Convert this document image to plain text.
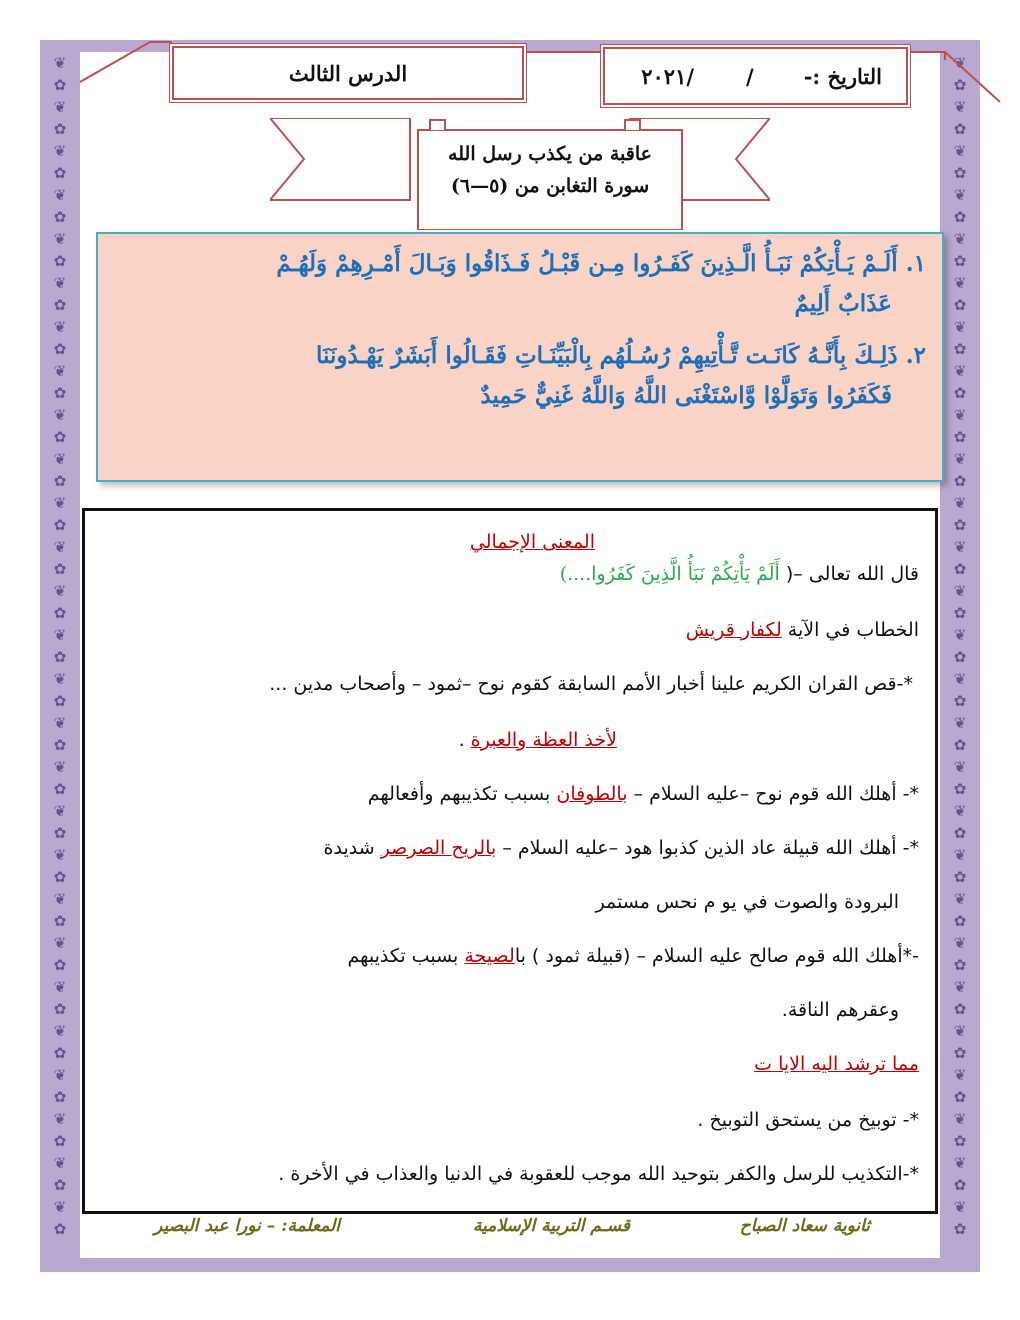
❦
✿
❦
✿
❦
✿
❦
✿
❦
✿
❦
✿
❦
✿
❦
✿
❦
✿
❦
✿
❦
✿
❦
✿
❦
✿
❦
✿
❦
✿
❦
✿
❦
✿
❦
✿
❦
✿
❦
✿
❦
✿
❦
✿
❦
✿
❦
✿
❦
✿
❦
✿
❦
✿
❦
✿
❦
✿
❦
✿
❦
✿
❦
✿
❦
✿
❦
✿
❦
✿
❦
✿
❦
✿
❦
✿
❦
✿
❦
✿
❦
✿
❦
✿
❦
✿
❦
✿
❦
✿
❦
✿
❦
✿
❦
✿
❦
✿
❦
✿
❦
✿
❦
✿
❦
✿
❦
✿
التاريخ :-
/
/٢٠٢١
الدرس الثالث
عاقبة من يكذب رسل الله
سورة التغابن من (٥—٦)
١. أَلَـمْ يَـأْتِكُمْ نَبَـأُ الَّـذِينَ كَفَـرُوا مِـن قَبْـلُ فَـذَاقُوا وَبَـالَ أَمْـرِهِمْ وَلَهُـمْ
عَذَابٌ أَلِيمٌ
٢. ذَلِـكَ بِأَنَّـهُ كَانَـت تَّـأْتِيهِمْ رُسُـلُهُم بِالْبَيِّنَـاتِ فَقَـالُوا أَبَشَرٌ يَهْـدُونَنَا
فَكَفَرُوا وَتَوَلَّوْا وَّاسْتَغْنَى اللَّهُ وَاللَّهُ غَنِيٌّ حَمِيدٌ
المعنى الإجمالي
قال الله تعالى –( أَلَمْ يَأْتِكُمْ نَبَأُ الَّذِينَ كَفَرُوا....)
الخطاب في الآية لكفار قريش
*-قص القران الكريم علينا أخبار الأمم السابقة كقوم نوح –ثمود – وأصحاب مدين ...
لأخذ العظة والعبرة .
*- أهلك الله قوم نوح –عليه السلام – بالطوفان بسبب تكذيبهم وأفعالهم
*- أهلك الله قبيلة عاد الذين كذبوا هود –عليه السلام – بالريح الصرصر شديدة
البرودة والصوت في يو م نحس مستمر
-*أهلك الله قوم صالح عليه السلام – (قبيلة ثمود ) بالصيحة بسبب تكذيبهم
وعقرهم الناقة.
مما ترشد اليه الايا ت
*- توبيخ من يستحق التوبيخ .
*-التكذيب للرسل والكفر بتوحيد الله موجب للعقوبة في الدنيا والعذاب في الأخرة .
ثانوية سعاد الصباح
قسـم التربية الإسلامية
المعلمة: – نورا عبد البصير
